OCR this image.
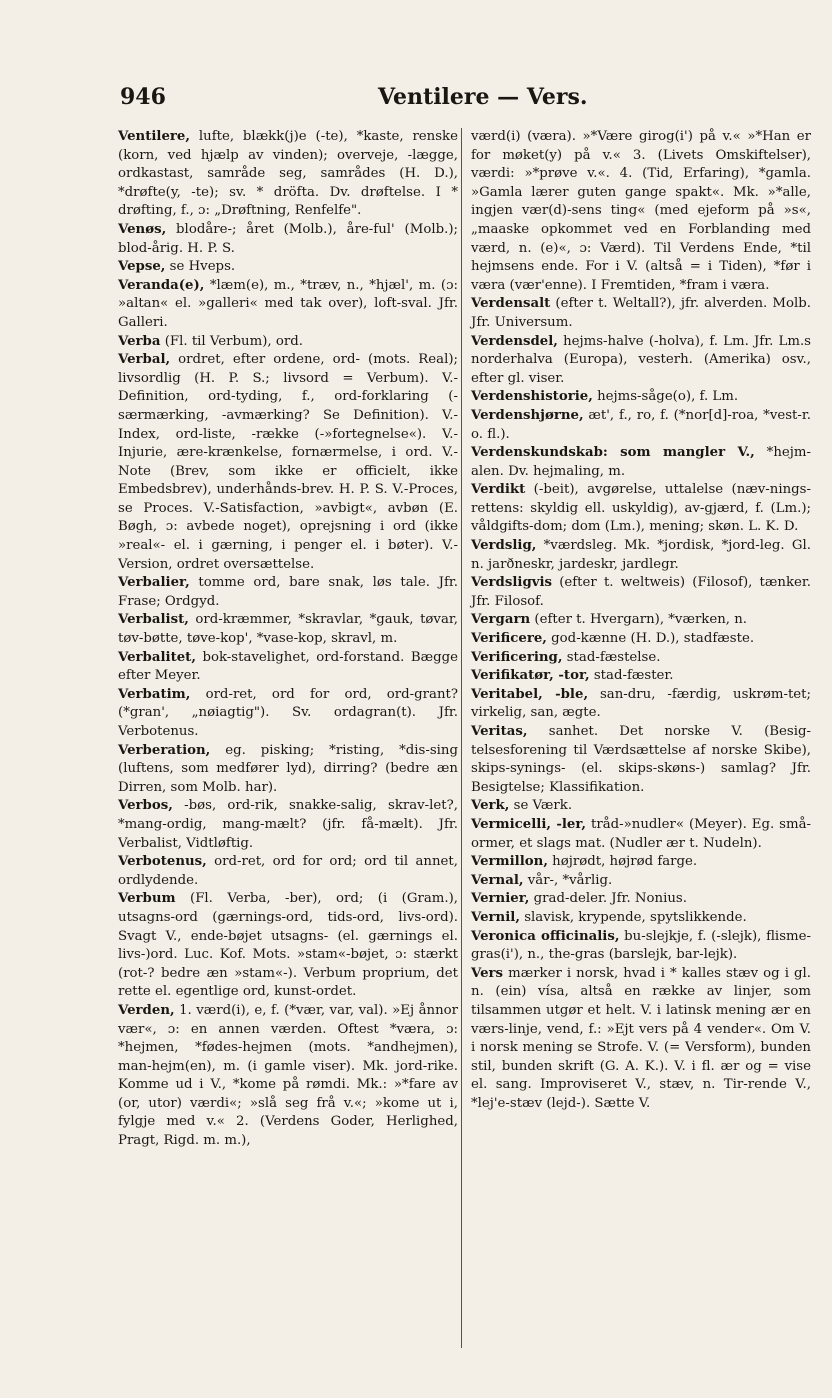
946	Ventilere — Vers.

Ventilere, lufte, blækk(j)e (-te), *kaste, renske (korn, ved hjælp av vinden); overveje, -lægge, ordkastast, samråde seg, samrådes (H. D.), *drøfte(y, -te); sv. * dröfta. Dv. drøftelse. I * drøfting, f., ɔ: „Drøftning, Renfelfe".

Venøs, blodåre-; året (Molb.), åre-ful' (Molb.); blod-årig. H. P. S.

Vepse, se Hveps.

Veranda(e), *læm(e), m., *træv, n., *hjæl', m. (ɔ: »altan« el. »galleri« med tak over), loft-sval. Jfr. Galleri.

Verba (Fl. til Verbum), ord.

Verbal, ordret, efter ordene, ord- (mots. Real); livsordlig (H. P. S.; livsord = Verbum). V.-Definition, ord-tyding, f., ord-forklaring (-særmærking, -avmærking? Se Definition). V.-Index, ord-liste, -række (-»fortegnelse«). V.-Injurie, ære-krænkelse, fornærmelse, i ord. V.-Note (Brev, som ikke er officielt, ikke Embedsbrev), underhånds-brev. H. P. S. V.-Proces, se Proces. V.-Satisfaction, »avbigt«, avbøn (E. Bøgh, ɔ: avbede noget), oprejsning i ord (ikke »real«- el. i gærning, i penger el. i bøter). V.-Version, ordret oversættelse.

Verbalier, tomme ord, bare snak, løs tale. Jfr. Frase; Ordgyd.

Verbalist, ord-kræmmer, *skravlar, *gauk, tøvar, tøv-bøtte, tøve-kop', *vase-kop, skravl, m.

Verbalitet, bok-stavelighet, ord-forstand. Bægge efter Meyer.

Verbatim, ord-ret, ord for ord, ord-grant? (*gran', „nøiagtig"). Sv. ordagran(t). Jfr. Verbotenus.

Verberation, eg. pisking; *risting, *dis-sing (luftens, som medfører lyd), dirring? (bedre æn Dirren, som Molb. har).

Verbos, -bøs, ord-rik, snakke-salig, skrav-let?, *mang-ordig, mang-mælt? (jfr. få-mælt). Jfr. Verbalist, Vidtløftig.

Verbotenus, ord-ret, ord for ord; ord til annet, ordlydende.

Verbum (Fl. Verba, -ber), ord; (i (Gram.), utsagns-ord (gærnings-ord, tids-ord, livs-ord). Svagt V., ende-bøjet utsagns- (el. gærnings el. livs-)ord. Luc. Kof. Mots. »stam«-bøjet, ɔ: stærkt (rot-? bedre æn »stam«-). Verbum proprium, det rette el. egentlige ord, kunst-ordet.

Verden, 1. værd(i), e, f. (*vær, var, val). »Ej ånnor vær«, ɔ: en annen værden. Oftest *væra, ɔ: *hejmen, *fødes-hejmen (mots. *andhejmen), man-hejm(en), m. (i gamle viser). Mk. jord-rike. Komme ud i V., *kome på rømdi. Mk.: »*fare av (or, utor) værdi«; »slå seg frå v.«; »kome ut i, fylgje med v.« 2. (Verdens Goder, Herlighed, Pragt, Rigd. m. m.),

værd(i) (væra). »*Være girog(i') på v.« »*Han er for møket(y) på v.« 3. (Livets Omskiftelser), værdi: »*prøve v.«. 4. (Tid, Erfaring), *gamla. »Gamla lærer guten gange spakt«. Mk. »*alle, ingjen vær(d)-sens ting« (med ejeform på »s«, „maaske opkommet ved en Forblanding med værd, n. (e)«, ɔ: Værd). Til Verdens Ende, *til hejmsens ende. For i V. (altså = i Tiden), *før i væra (vær'enne). I Fremtiden, *fram i væra.

Verdensalt (efter t. Weltall?), jfr. alverden. Molb. Jfr. Universum.

Verdensdel, hejms-halve (-holva), f. Lm. Jfr. Lm.s norderhalva (Europa), vesterh. (Amerika) osv., efter gl. viser.

Verdenshistorie, hejms-såge(o), f. Lm.

Verdenshjørne, æt', f., ro, f. (*nor[d]-roa, *vest-r. o. fl.).

Verdenskundskab: som mangler V., *hejm-alen. Dv. hejmaling, m.

Verdikt (-beit), avgørelse, uttalelse (næv-nings-rettens: skyldig ell. uskyldig), av-gjærd, f. (Lm.); våldgifts-dom; dom (Lm.), mening; skøn. L. K. D.

Verdslig, *værdsleg. Mk. *jordisk, *jord-leg. Gl. n. jarðneskr, jardeskr, jardlegr.

Verdsligvis (efter t. weltweis) (Filosof), tænker. Jfr. Filosof.

Vergarn (efter t. Hvergarn), *værken, n.

Verificere, god-kænne (H. D.), stadfæste.

Verificering, stad-fæstelse.

Verifikatør, -tor, stad-fæster.

Veritabel, -ble, san-dru, -færdig, uskrøm-tet; virkelig, san, ægte.

Veritas, sanhet. Det norske V. (Besig-telsesforening til Værdsættelse af norske Skibe), skips-synings- (el. skips-skøns-) samlag? Jfr. Besigtelse; Klassifikation.

Verk, se Værk.

Vermicelli, -ler, tråd-»nudler« (Meyer). Eg. små-ormer, et slags mat. (Nudler ær t. Nudeln).

Vermillon, højrødt, højrød farge.

Vernal, vår-, *vårlig.

Vernier, grad-deler. Jfr. Nonius.

Vernil, slavisk, krypende, spytslikkende.

Veronica officinalis, bu-slejkje, f. (-slejk), flisme-gras(i'), n., the-gras (barslejk, bar-lejk).

Vers mærker i norsk, hvad i * kalles stæv og i gl. n. (ein) vísa, altså en række av linjer, som tilsammen utgør et helt. V. i latinsk mening ær en værs-linje, vend, f.: »Ejt vers på 4 vender«. Om V. i norsk mening se Strofe. V. (= Versform), bunden stil, bunden skrift (G. A. K.). V. i fl. ær og = vise el. sang. Improviseret V., stæv, n. Tir-rende V., *lej'e-stæv (lejd-). Sætte V.
